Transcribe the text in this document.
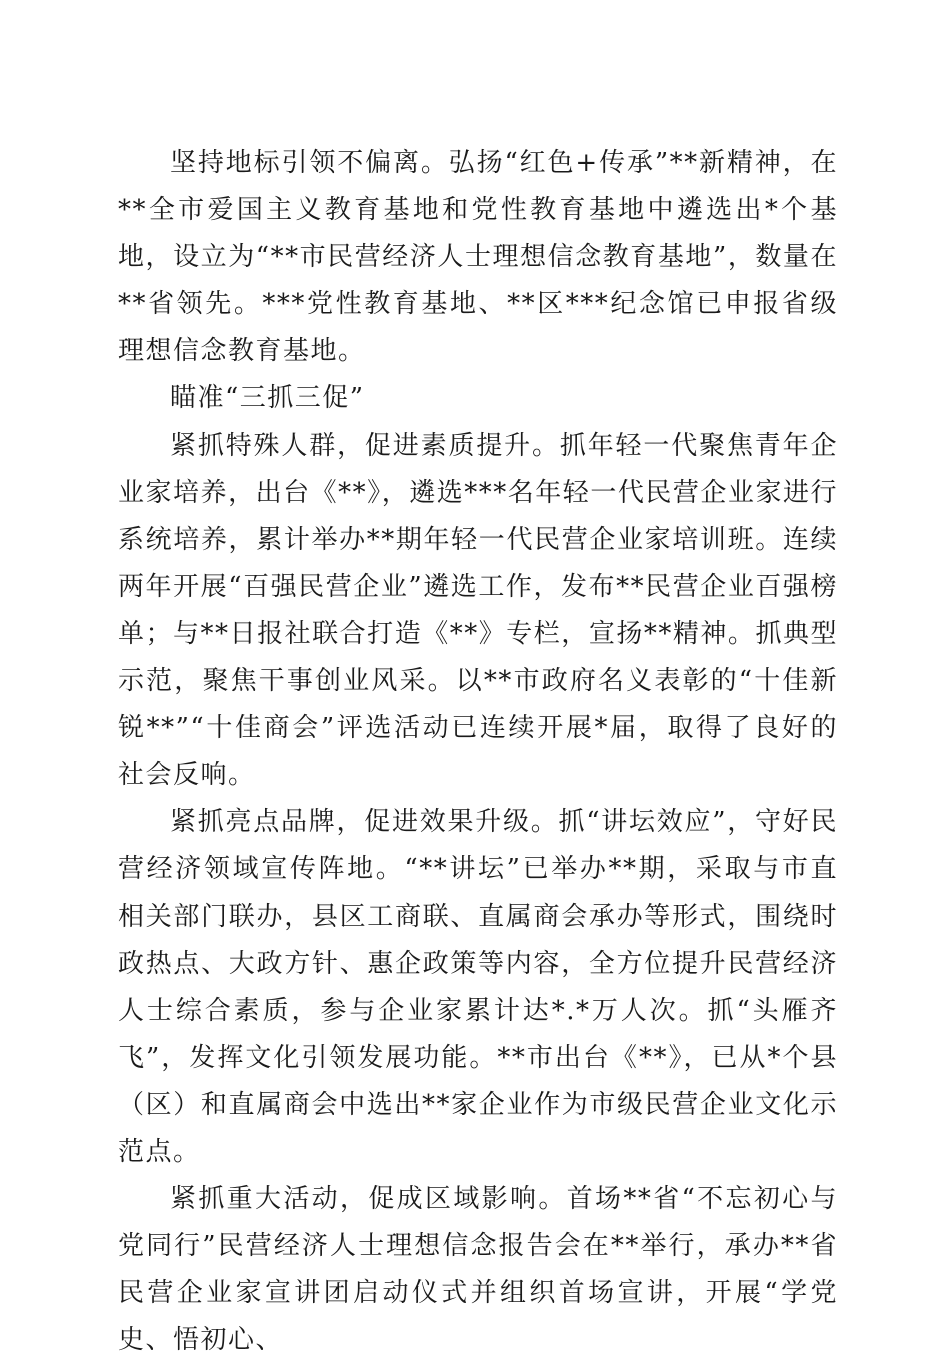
坚持地标引领不偏离。弘扬“红色+传承”**新精神，在**全市爱国主义教育基地和党性教育基地中遴选出*个基地，设立为“**市民营经济人士理想信念教育基地”，数量在**省领先。***党性教育基地、**区***纪念馆已申报省级理想信念教育基地。

瞄准“三抓三促”

紧抓特殊人群，促进素质提升。抓年轻一代聚焦青年企业家培养，出台《**》，遴选***名年轻一代民营企业家进行系统培养，累计举办**期年轻一代民营企业家培训班。连续两年开展“百强民营企业”遴选工作，发布**民营企业百强榜单；与**日报社联合打造《**》专栏，宣扬**精神。抓典型示范，聚焦干事创业风采。以**市政府名义表彰的“十佳新锐**”“十佳商会”评选活动已连续开展*届，取得了良好的社会反响。

紧抓亮点品牌，促进效果升级。抓“讲坛效应”，守好民营经济领域宣传阵地。“**讲坛”已举办**期，采取与市直相关部门联办，县区工商联、直属商会承办等形式，围绕时政热点、大政方针、惠企政策等内容，全方位提升民营经济人士综合素质，参与企业家累计达*.*万人次。抓“头雁齐飞”，发挥文化引领发展功能。**市出台《**》，已从*个县（区）和直属商会中选出**家企业作为市级民营企业文化示范点。

紧抓重大活动，促成区域影响。首场**省“不忘初心与党同行”民营经济人士理想信念报告会在**举行，承办**省民营企业家宣讲团启动仪式并组织首场宣讲，开展“学党史、悟初心、
